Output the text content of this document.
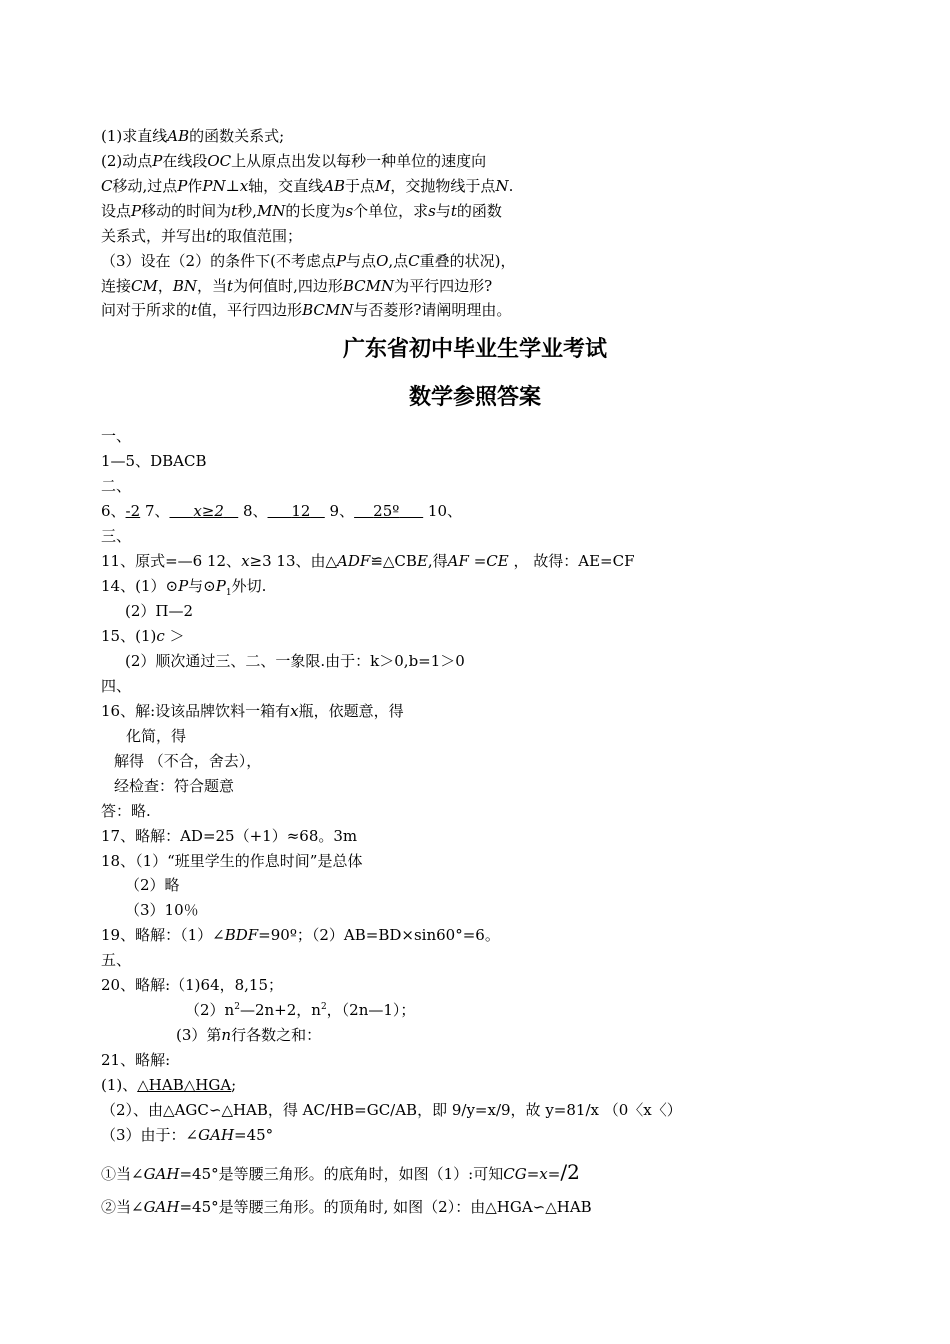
(1)求直线AB的函数关系式;
(2)动点P在线段OC上从原点出发以每秒一种单位的速度向
C移动,过点P作PN⊥x轴，交直线AB于点M，交抛物线于点N.
设点P移动的时间为t秒,MN的长度为s个单位，求s与t的函数
关系式，并写出t的取值范围；
（3）设在（2）的条件下(不考虑点P与点O,点C重叠的状况)，
连接CM，BN，当t为何值时,四边形BCMN为平行四边形?
问对于所求的t值，平行四边形BCMN与否菱形?请阐明理由。
广东省初中毕业生学业考试
数学参照答案
一、
1—5、DBACB
二、
6、-2 7、 x≥2    8、 12    9、 25º      10、
三、
11、原式=—6 12、x≥3 13、由△ADF≌△CBE,得AF =CE ， 故得：AE=CF
14、(1）⊙P与$⊙P_1$外切.
(2）Π—2
15、(1)c ＞
(2）顺次通过三、二、一象限.由于：k＞0,b=1＞0
四、
16、解:设该品牌饮料一箱有x瓶，依题意，得
化简，得
解得 （不合，舍去），
经检查：符合题意
答：略.
17、略解：AD=25（+1）≈68。3m
18、（1）“班里学生的作息时间”是总体
（2）略
（3）10％
19、略解：（1）∠BDF=90º；（2）AB=BD×sin60°=6。
五、
20、略解:（1)64，8,15；
$(2)n^2—2n+2$，$n^2$，（2n—1）；
(3）第n行各数之和：
21、略解:
(1)、△HAB△HGA;
（2）、由△AGC∽△HAB，得 AC/HB=GC/AB，即 9/y=x/9，故 y=81/x （0〈x〈）
（3）由于：∠GAH=45°
①当∠GAH=45°是等腰三角形。的底角时，如图（1）:可知CG=x=/2
②当∠GAH=45°是等腰三角形。的顶角时, 如图（2）：由△HGA∽△HAB
